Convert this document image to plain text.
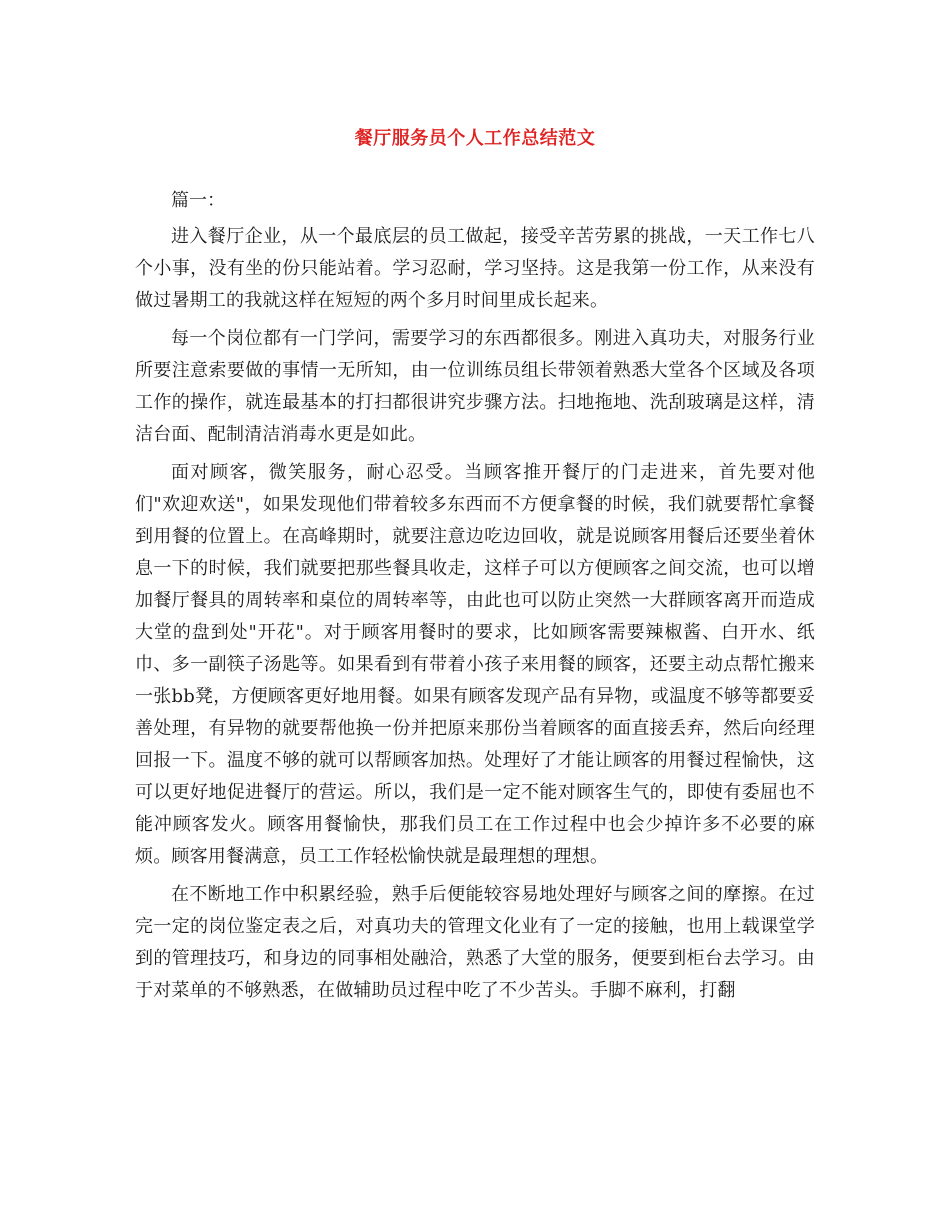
餐厅服务员个人工作总结范文
篇一：

进入餐厅企业，从一个最底层的员工做起，接受辛苦劳累的挑战，一天工作七八个小事，没有坐的份只能站着。学习忍耐，学习坚持。这是我第一份工作，从来没有做过暑期工的我就这样在短短的两个多月时间里成长起来。

每一个岗位都有一门学问，需要学习的东西都很多。刚进入真功夫，对服务行业所要注意索要做的事情一无所知，由一位训练员组长带领着熟悉大堂各个区域及各项工作的操作，就连最基本的打扫都很讲究步骤方法。扫地拖地、洗刮玻璃是这样，清洁台面、配制清洁消毒水更是如此。

面对顾客，微笑服务，耐心忍受。当顾客推开餐厅的门走进来，首先要对他们"欢迎欢送"，如果发现他们带着较多东西而不方便拿餐的时候，我们就要帮忙拿餐到用餐的位置上。在高峰期时，就要注意边吃边回收，就是说顾客用餐后还要坐着休息一下的时候，我们就要把那些餐具收走，这样子可以方便顾客之间交流，也可以增加餐厅餐具的周转率和桌位的周转率等，由此也可以防止突然一大群顾客离开而造成大堂的盘到处"开花"。对于顾客用餐时的要求，比如顾客需要辣椒酱、白开水、纸巾、多一副筷子汤匙等。如果看到有带着小孩子来用餐的顾客，还要主动点帮忙搬来一张bb凳，方便顾客更好地用餐。如果有顾客发现产品有异物，或温度不够等都要妥善处理，有异物的就要帮他换一份并把原来那份当着顾客的面直接丢弃，然后向经理回报一下。温度不够的就可以帮顾客加热。处理好了才能让顾客的用餐过程愉快，这可以更好地促进餐厅的营运。所以，我们是一定不能对顾客生气的，即使有委屈也不能冲顾客发火。顾客用餐愉快，那我们员工在工作过程中也会少掉许多不必要的麻烦。顾客用餐满意，员工工作轻松愉快就是最理想的理想。

在不断地工作中积累经验，熟手后便能较容易地处理好与顾客之间的摩擦。在过完一定的岗位鉴定表之后，对真功夫的管理文化业有了一定的接触，也用上载课堂学到的管理技巧，和身边的同事相处融洽，熟悉了大堂的服务，便要到柜台去学习。由于对菜单的不够熟悉，在做辅助员过程中吃了不少苦头。手脚不麻利，打翻
